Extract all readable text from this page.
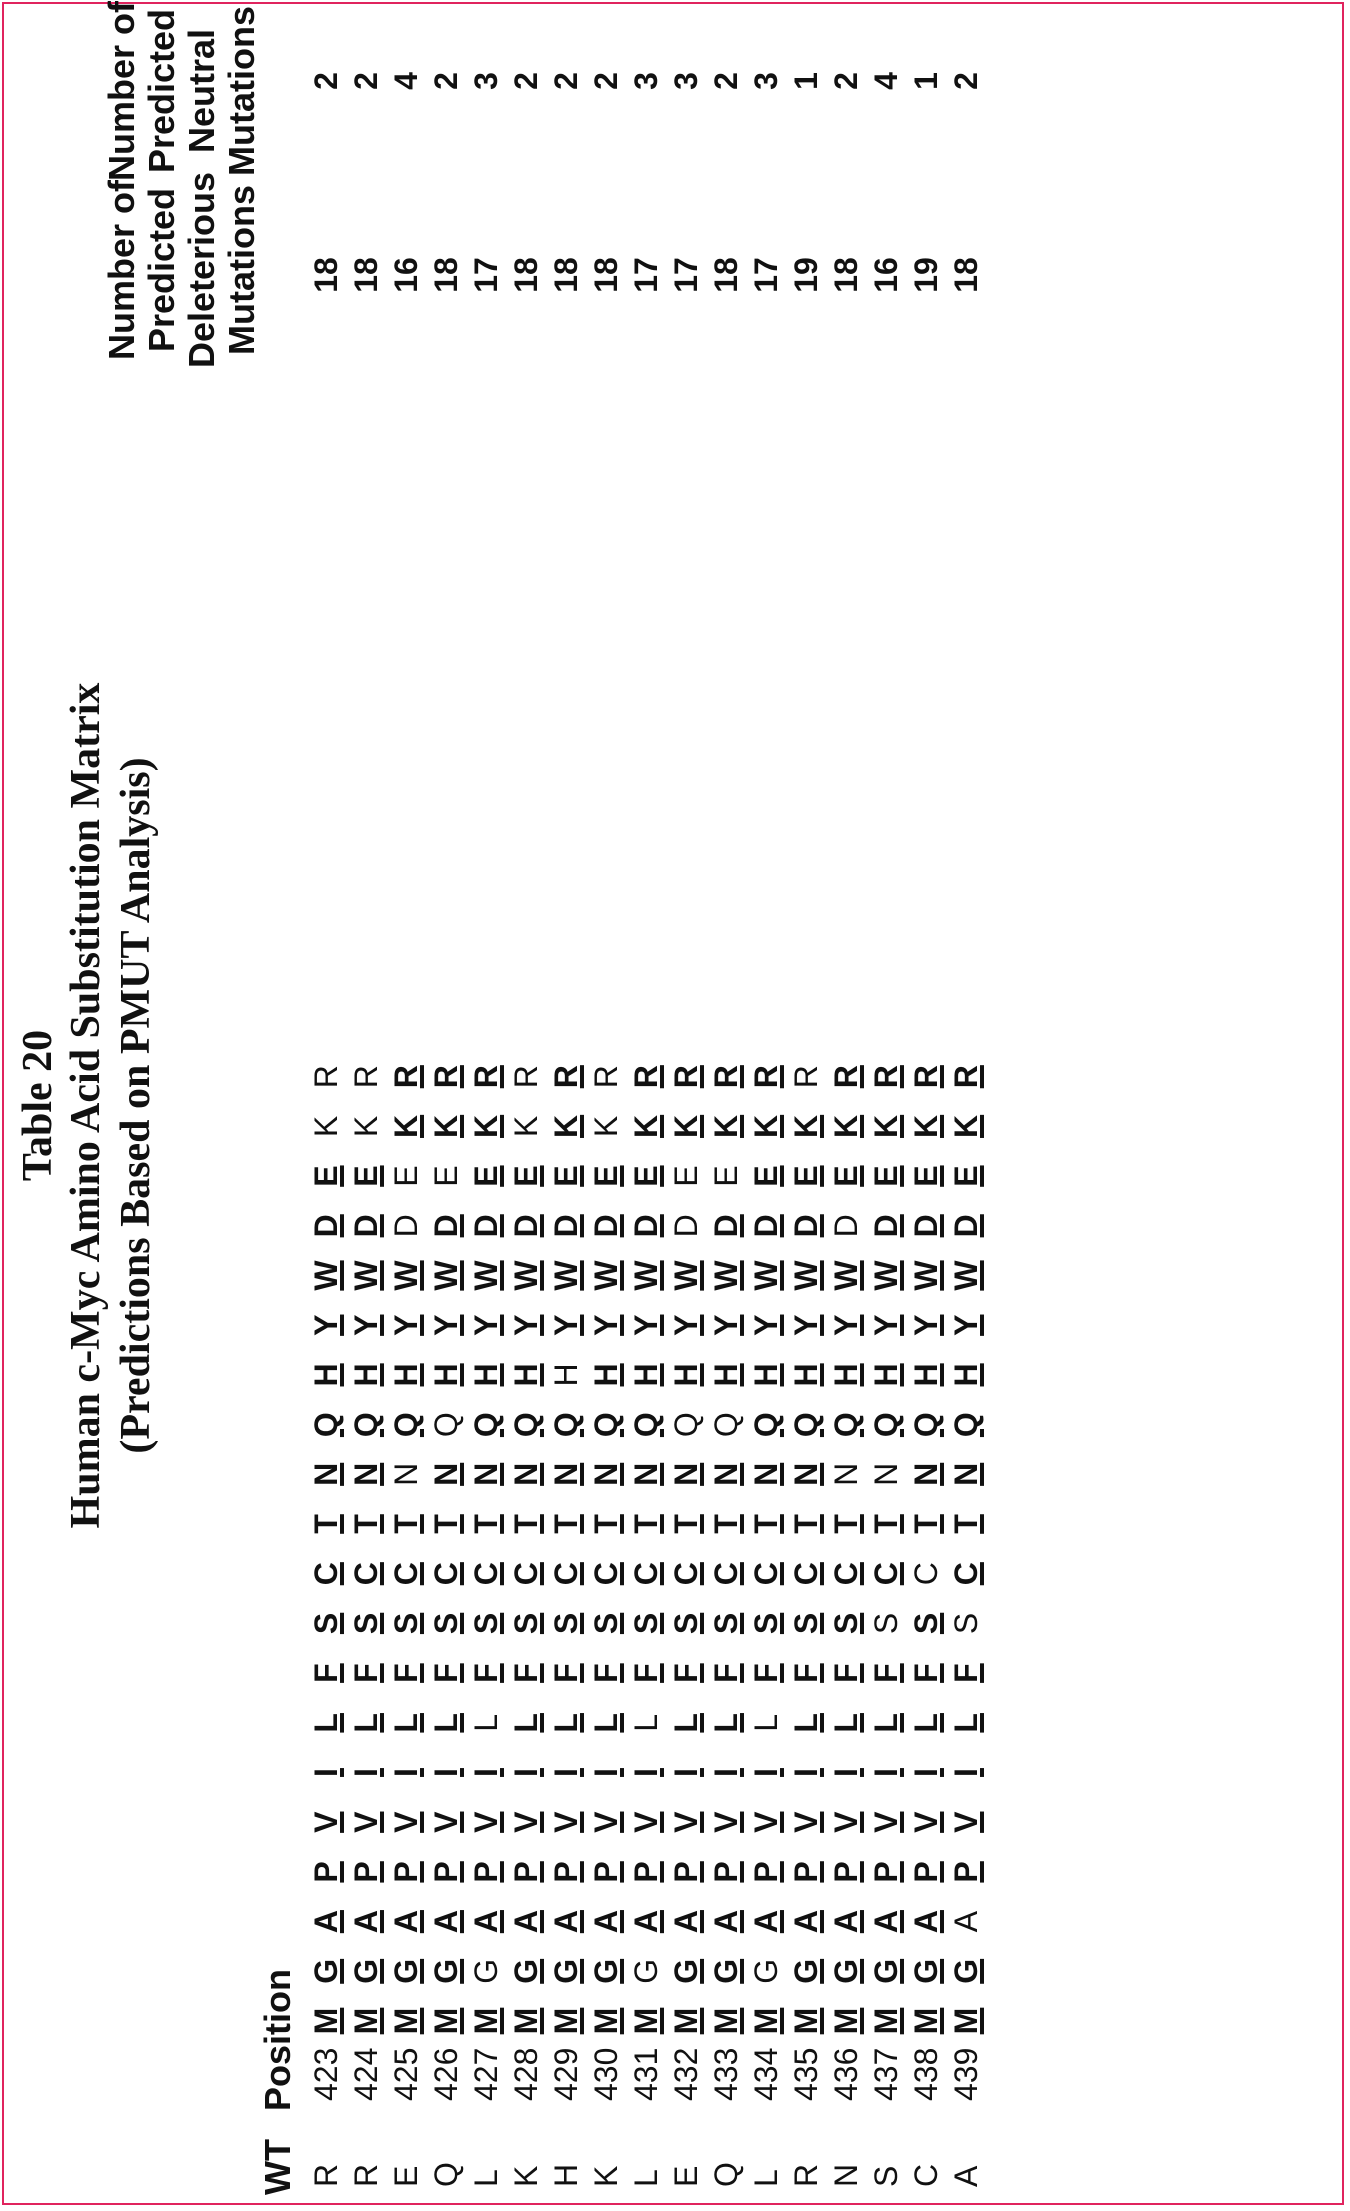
Table 20 Human c-Myc Amino Acid Substitution Matrix (Predictions Based on PMUT Analysis)
WT
Position
Number of Predicted Deleterious Mutations
Number of Predicted Neutral Mutations
R
423
M
G
A
P
V
I
L
F
S
C
T
N
Q
H
Y
W
D
E
K
R
18
2
R
424
M
G
A
P
V
I
L
F
S
C
T
N
Q
H
Y
W
D
E
K
R
18
2
E
425
M
G
A
P
V
I
L
F
S
C
T
N
Q
H
Y
W
D
E
K
R
16
4
Q
426
M
G
A
P
V
I
L
F
S
C
T
N
Q
H
Y
W
D
E
K
R
18
2
L
427
M
G
A
P
V
I
L
F
S
C
T
N
Q
H
Y
W
D
E
K
R
17
3
K
428
M
G
A
P
V
I
L
F
S
C
T
N
Q
H
Y
W
D
E
K
R
18
2
H
429
M
G
A
P
V
I
L
F
S
C
T
N
Q
H
Y
W
D
E
K
R
18
2
K
430
M
G
A
P
V
I
L
F
S
C
T
N
Q
H
Y
W
D
E
K
R
18
2
L
431
M
G
A
P
V
I
L
F
S
C
T
N
Q
H
Y
W
D
E
K
R
17
3
E
432
M
G
A
P
V
I
L
F
S
C
T
N
Q
H
Y
W
D
E
K
R
17
3
Q
433
M
G
A
P
V
I
L
F
S
C
T
N
Q
H
Y
W
D
E
K
R
18
2
L
434
M
G
A
P
V
I
L
F
S
C
T
N
Q
H
Y
W
D
E
K
R
17
3
R
435
M
G
A
P
V
I
L
F
S
C
T
N
Q
H
Y
W
D
E
K
R
19
1
N
436
M
G
A
P
V
I
L
F
S
C
T
N
Q
H
Y
W
D
E
K
R
18
2
S
437
M
G
A
P
V
I
L
F
S
C
T
N
Q
H
Y
W
D
E
K
R
16
4
C
438
M
G
A
P
V
I
L
F
S
C
T
N
Q
H
Y
W
D
E
K
R
19
1
A
439
M
G
A
P
V
I
L
F
S
C
T
N
Q
H
Y
W
D
E
K
R
18
2
